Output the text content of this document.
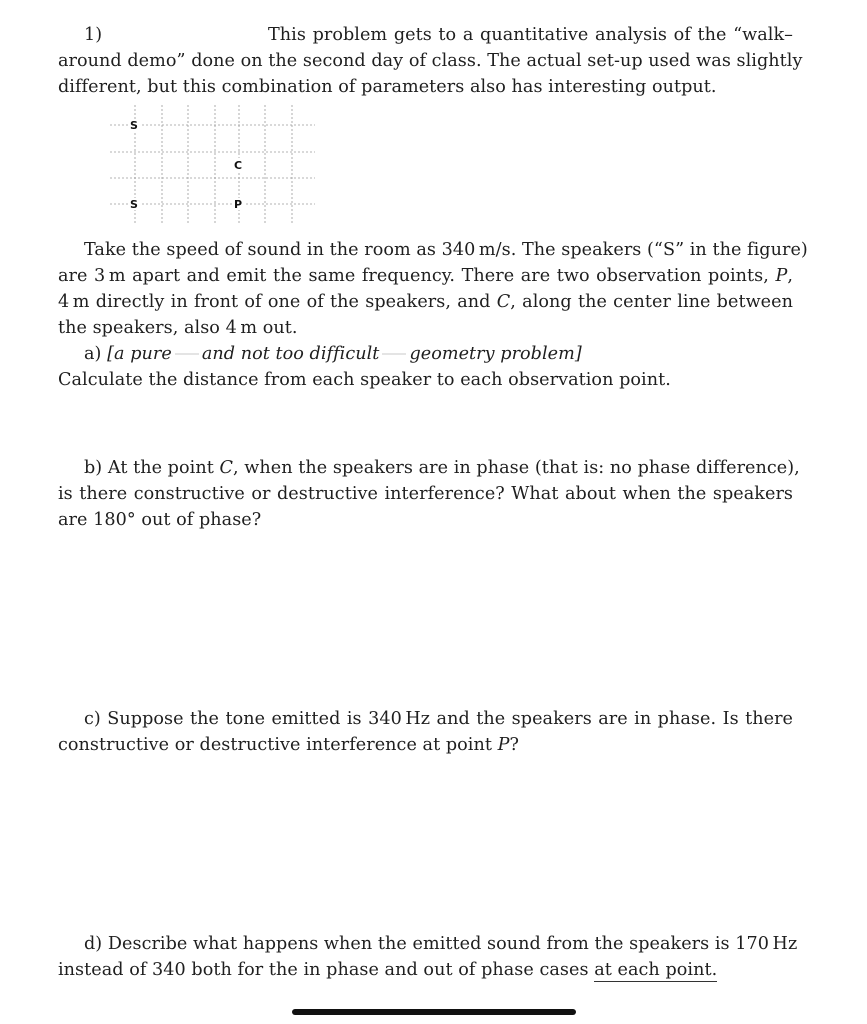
1)	This problem gets to a quantitative analysis of the “walk–
around demo” done on the second day of class. The actual set-up used was slightly
different, but this combination of parameters also has interesting output.
S
S
C
P
Take the speed of sound in the room as 340 m/s. The speakers (“S” in the figure)
are 3 m apart and emit the same frequency. There are two observation points, P,
4 m directly in front of one of the speakers, and C, along the center line between
the speakers, also 4 m out.
a) [a pure and not too difficult geometry problem]
Calculate the distance from each speaker to each observation point.
b) At the point C, when the speakers are in phase (that is: no phase difference),
is there constructive or destructive interference? What about when the speakers
are 180° out of phase?
c) Suppose the tone emitted is 340 Hz and the speakers are in phase. Is there
constructive or destructive interference at point P?
d) Describe what happens when the emitted sound from the speakers is 170 Hz
instead of 340 both for the in phase and out of phase cases at each point.
